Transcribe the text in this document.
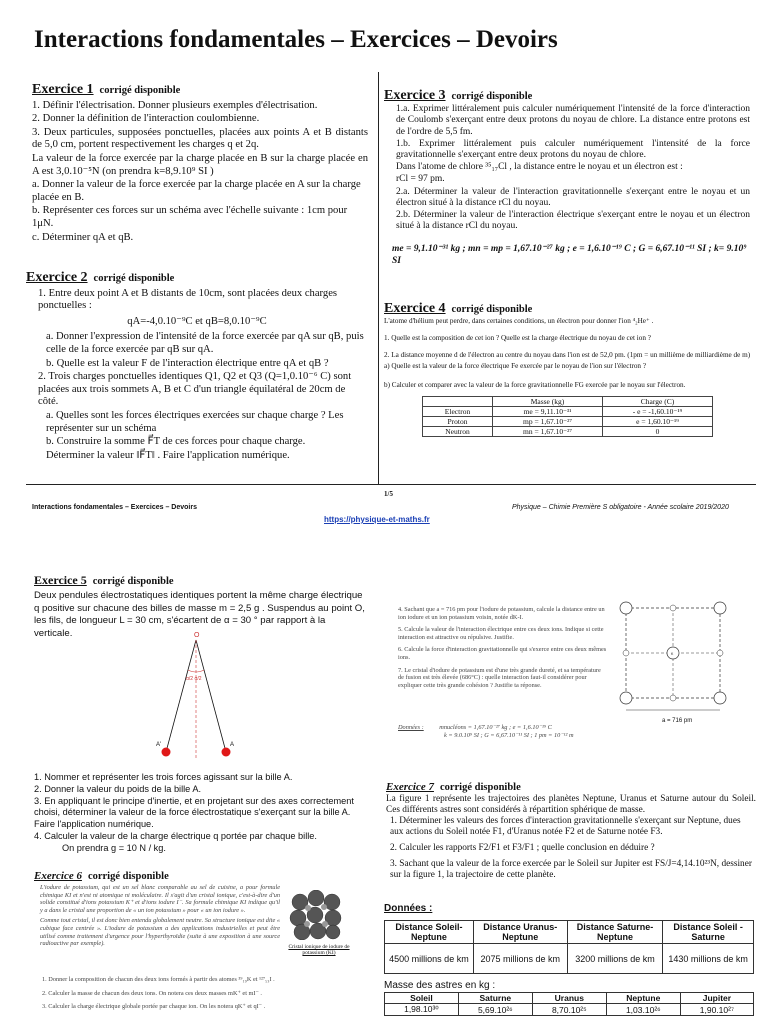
Interactions fondamentales – Exercices – Devoirs
Exercice 1 corrigé disponible
1. Définir l'électrisation. Donner plusieurs exemples d'électrisation.
2. Donner la définition de l'interaction coulombienne.
3. Deux particules, supposées ponctuelles, placées aux points A et B distants de 5,0 cm, portent respectivement les charges q et 2q.
La valeur de la force exercée par la charge placée en B sur la charge placée en A est 3,0.10⁻⁵N (on prendra k=8,9.10⁹ SI )
a. Donner la valeur de la force exercée par la charge placée en A sur la charge placée en B.
b. Représenter ces forces sur un schéma avec l'échelle suivante : 1cm pour 1μN.
c. Déterminer qA et qB.
Exercice 2 corrigé disponible
1. Entre deux point A et B distants de 10cm, sont placées deux charges ponctuelles :
qA=-4,0.10⁻⁹C et qB=8,0.10⁻⁹C
a. Donner l'expression de l'intensité de la force exercée par qA sur qB, puis celle de la force exercée par qB sur qA.
b. Quelle est la valeur F de l'interaction électrique entre qA et qB ?
2. Trois charges ponctuelles identiques Q1, Q2 et Q3 (Q=1,0.10⁻⁶ C) sont placées aux trois sommets A, B et C d'un triangle équilatéral de 20cm de côté.
a. Quelles sont les forces électriques exercées sur chaque charge ? Les représenter sur un schéma
b. Construire la somme F⃗T de ces forces pour chaque charge.
Déterminer la valeur ‖F⃗T‖ . Faire l'application numérique.
Exercice 3 corrigé disponible
1.a. Exprimer littéralement puis calculer numériquement l'intensité de la force d'interaction de Coulomb s'exerçant entre deux protons du noyau de chlore. La distance entre protons est de l'ordre de 5,5 fm.
1.b. Exprimer littéralement puis calculer numériquement l'intensité de la force gravitationnelle s'exerçant entre deux protons du noyau de chlore.
Dans l'atome de chlore ³⁵₁₇Cl , la distance entre le noyau et un électron est :
rCl = 97 pm.
2.a. Déterminer la valeur de l'interaction gravitationnelle s'exerçant entre le noyau et un électron situé à la distance rCl du noyau.
2.b. Déterminer la valeur de l'interaction électrique s'exerçant entre le noyau et un électron situé à la distance rCl du noyau.
me = 9,1.10⁻³¹ kg ; mn = mp = 1,67.10⁻²⁷ kg ; e = 1,6.10⁻¹⁹ C ; G = 6,67.10⁻¹¹ SI ; k= 9.10⁹ SI
Exercice 4 corrigé disponible
L'atome d'hélium peut perdre, dans certaines conditions, un électron pour donner l'ion ⁴₂He⁺ .
1. Quelle est la composition de cet ion ? Quelle est la charge électrique du noyau de cet ion ?
2. La distance moyenne d de l'électron au centre du noyau dans l'ion est de 52,0 pm. (1pm = un millième de milliardième de m)
a) Quelle est la valeur de la force électrique Fe exercée par le noyau de l'ion sur l'électron ?
b) Calculer et comparer avec la valeur de la force gravitationnelle FG exercée par le noyau sur l'électron.
	Masse (kg)	Charge (C)
Electron	me = 9,11.10⁻³¹	- e = -1,60.10⁻¹⁹
Proton	mp = 1,67.10⁻²⁷	e = 1,60.10⁻¹⁹
Neutron	mn = 1,67.10⁻²⁷	0
1/5
Interactions fondamentales – Exercices – Devoirs	Physique – Chimie Première S obligatoire - Année scolaire 2019/2020
https://physique-et-maths.fr
Exercice 5 corrigé disponible
Deux pendules électrostatiques identiques portent la même charge électrique q positive sur chacune des billes de masse m = 2,5 g . Suspendus au point O, les fils, de longueur L = 30 cm, s'écartent de α = 30 ° par rapport à la verticale.	O
α/2 α/2
A'	A
1. Nommer et représenter les trois forces agissant sur la bille A.
2. Donner la valeur du poids de la bille A.
3. En appliquant le principe d'inertie, et en projetant sur des axes correctement choisi, déterminer la valeur de la force électrostatique s'exerçant sur la bille A. Faire l'application numérique.
4. Calculer la valeur de la charge électrique q portée par chaque bille.
On prendra g = 10 N / kg.
Exercice 6 corrigé disponible
L'iodure de potassium, qui est un sel blanc comparable au sel de cuisine, a pour formule chimique KI et n'est ni atomique ni moléculaire. Il s'agit d'un cristal ionique, c'est-à-dire d'un solide constitué d'ions potassium K⁺ et d'ions iodure I⁻. Sa formule chimique KI indique qu'il y a dans le cristal une proportion de « un ion potassium » pour « un ion iodure ».
Comme tout cristal, il est donc bien entendu globalement neutre. Sa structure ionique est dite « cubique face centrée ». L'iodure de potassium a des applications industrielles et peut être utilisé comme traitement d'urgence pour l'hyperthyroïdie (suite à une exposition à une source radioactive par exemple).	Cristal ionique de iodure de potassium (KI)
1. Donner la composition de chacun des deux ions formés à partir des atomes ³⁹₁₉K et ¹²⁷₅₃I .
2. Calculer la masse de chacun des deux ions. On notera ces deux masses mK⁺ et mI⁻ .
3. Calculer la charge électrique globale portée par chaque ion. On les notera qK⁺ et qI⁻ .
4. Sachant que a = 716 pm pour l'iodure de potassium, calcule la distance entre un ion iodure et un ion potassium voisin, notée dK-I.
5. Calcule la valeur de l'interaction électrique entre ces deux ions. Indique si cette interaction est attractive ou répulsive. Justifie.
6. Calcule la force d'interaction gravitationnelle qui s'exerce entre ces deux mêmes ions.
7. Le cristal d'iodure de potassium est d'une très grande dureté, et sa température de fusion est très élevée (686°C) : quelle interaction faut-il considérer pour expliquer cette très grande cohésion ? Justifie ta réponse.
Données : mnucléons = 1,67.10⁻²⁷ kg ; e = 1,6.10⁻¹⁹ C
k = 9.0.10⁹ SI ; G = 6,67.10⁻¹¹ SI ; 1 pm = 10⁻¹² m
a = 716 pm
K
Exercice 7 corrigé disponible
La figure 1 représente les trajectoires des planètes Neptune, Uranus et Saturne autour du Soleil. Ces différents astres sont considérés à répartition sphérique de masse.
1. Déterminer les valeurs des forces d'interaction gravitationnelle s'exerçant sur Neptune, dues aux actions du Soleil notée F1, d'Uranus notée F2 et de Saturne notée F3.
2. Calculer les rapports F2/F1 et F3/F1 ; quelle conclusion en déduire ?
3. Sachant que la valeur de la force exercée par le Soleil sur Jupiter est FS/J=4,14.10²³N, dessiner sur la figure 1, la trajectoire de cette planète.
Données :
Distance Soleil-Neptune	Distance Uranus-Neptune	Distance Saturne-Neptune	Distance Soleil - Saturne
4500 millions de km	2075 millions de km	3200 millions de km	1430 millions de km
Masse des astres en kg :
Soleil	Saturne	Uranus	Neptune	Jupiter
1,98.10³⁰	5,69.10²⁶	8,70.10²⁵	1,03.10²⁶	1,90.10²⁷
